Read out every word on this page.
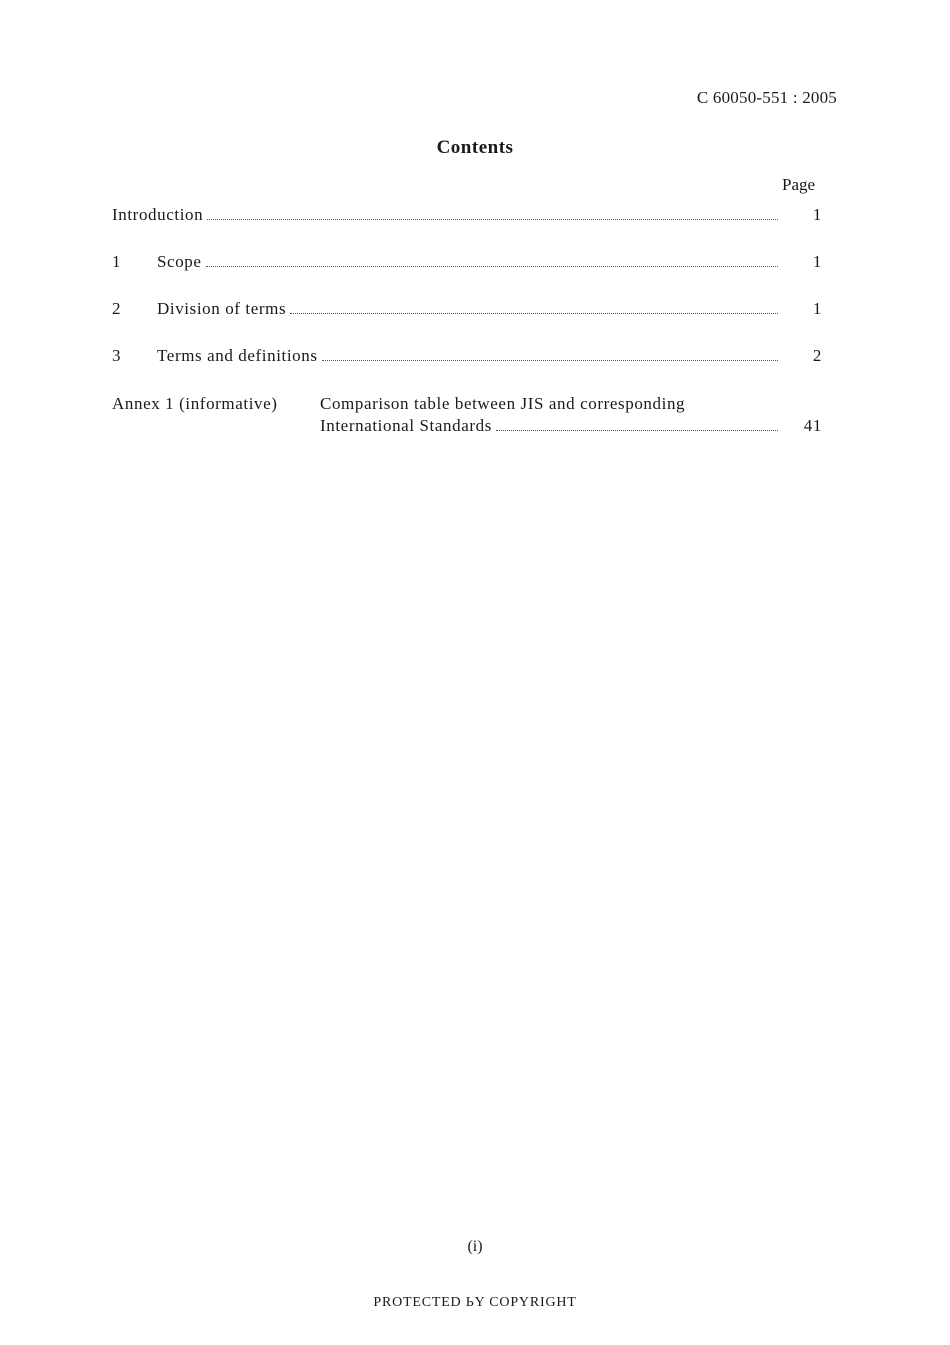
C 60050-551 : 2005
Contents
Page
Introduction	1
1	Scope	1
2	Division of terms	1
3	Terms and definitions	2
Annex 1 (informative)	Comparison table between JIS and corresponding
International Standards	41
(i)
PROTECTED ЬY COPYRIGHT
